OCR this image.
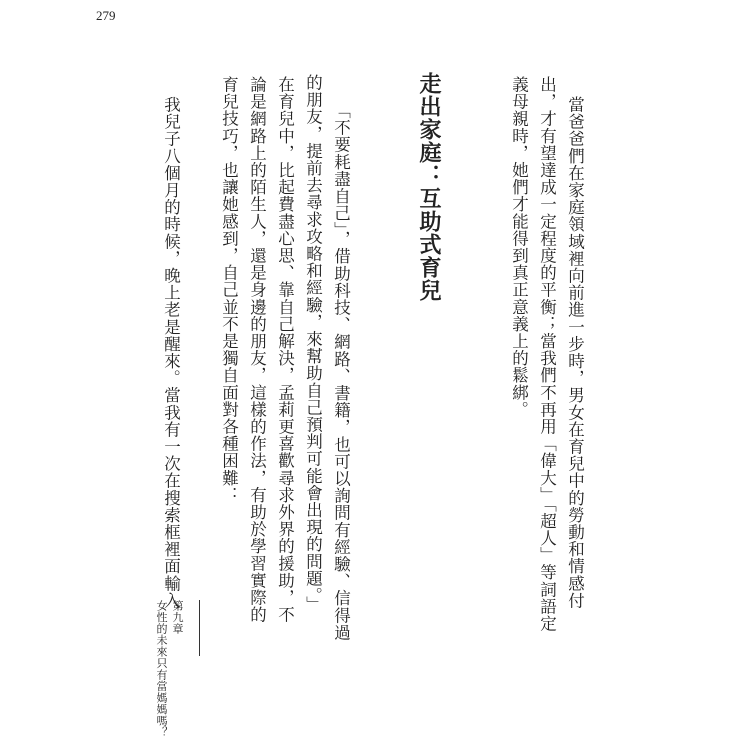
279
當爸爸們在家庭領域裡向前進一步時，男女在育兒中的勞動和情感付
出，才有望達成一定程度的平衡；當我們不再用「偉大」「超人」等詞語定
義母親時，她們才能得到真正意義上的鬆綁。
走出家庭：互助式育兒
「不要耗盡自己」，借助科技、網路、書籍，也可以詢問有經驗、信得過
的朋友，提前去尋求攻略和經驗，來幫助自己預判可能會出現的問題。」
在育兒中，比起費盡心思、靠自己解決，孟莉更喜歡尋求外界的援助，不
論是網路上的陌生人，還是身邊的朋友，這樣的作法，有助於學習實際的
育兒技巧，也讓她感到，自己並不是獨自面對各種困難：
我兒子八個月的時候，晚上老是醒來。當我有一次在搜索框裡面輸入
第九章
女性的未來只有當媽媽嗎？
